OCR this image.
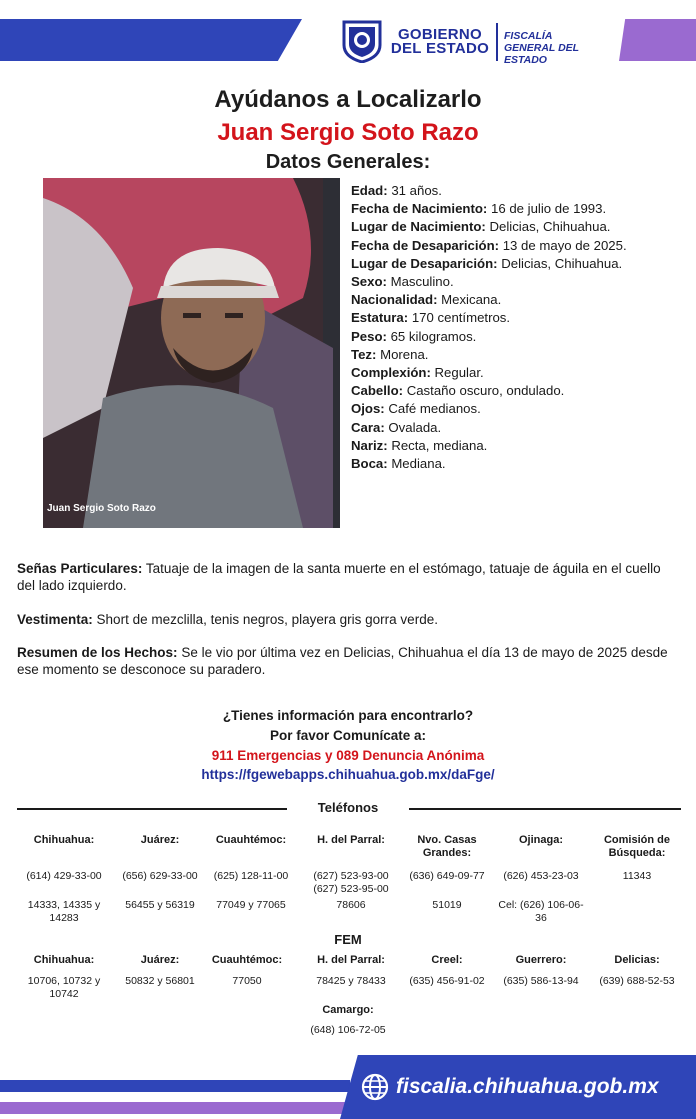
GOBIERNO DEL ESTADO
FISCALÍA GENERAL DEL ESTADO
Ayúdanos a Localizarlo
Juan Sergio Soto Razo
Datos Generales:
Juan Sergio Soto Razo
Edad: 31 años.
Fecha de Nacimiento: 16 de julio de 1993.
Lugar de Nacimiento: Delicias, Chihuahua.
Fecha de Desaparición: 13 de mayo de 2025.
Lugar de Desaparición: Delicias, Chihuahua.
Sexo: Masculino.
Nacionalidad: Mexicana.
Estatura: 170 centímetros.
Peso: 65 kilogramos.
Tez: Morena.
Complexión: Regular.
Cabello: Castaño oscuro, ondulado.
Ojos: Café medianos.
Cara: Ovalada.
Nariz: Recta, mediana.
Boca: Mediana.
Señas Particulares: Tatuaje de la imagen de la santa muerte en el estómago, tatuaje de águila en el cuello del lado izquierdo.
Vestimenta: Short de mezclilla, tenis negros, playera gris gorra verde.
Resumen de los Hechos: Se le vio por última vez en Delicias, Chihuahua el día 13 de mayo de 2025 desde ese momento se desconoce su paradero.
¿Tienes información para encontrarlo?
Por favor Comunícate a:
911 Emergencias y 089 Denuncia Anónima
https://fgewebapps.chihuahua.gob.mx/daFge/
Teléfonos
Chihuahua:
(614) 429-33-00
14333, 14335 y 14283
Juárez:
(656) 629-33-00
56455 y 56319
Cuauhtémoc:
(625) 128-11-00
77049 y 77065
H. del Parral:
(627) 523-93-00 (627) 523-95-00
78606
Nvo. Casas Grandes:
(636) 649-09-77
51019
Ojinaga:
(626) 453-23-03
Cel: (626) 106-06-36
Comisión de Búsqueda:
11343
FEM
Chihuahua:
10706, 10732 y 10742
Juárez:
50832 y 56801
Cuauhtémoc:
77050
H. del Parral:
78425 y 78433
Creel:
(635) 456-91-02
Guerrero:
(635) 586-13-94
Delicias:
(639) 688-52-53
Camargo:
(648) 106-72-05
fiscalia.chihuahua.gob.mx
